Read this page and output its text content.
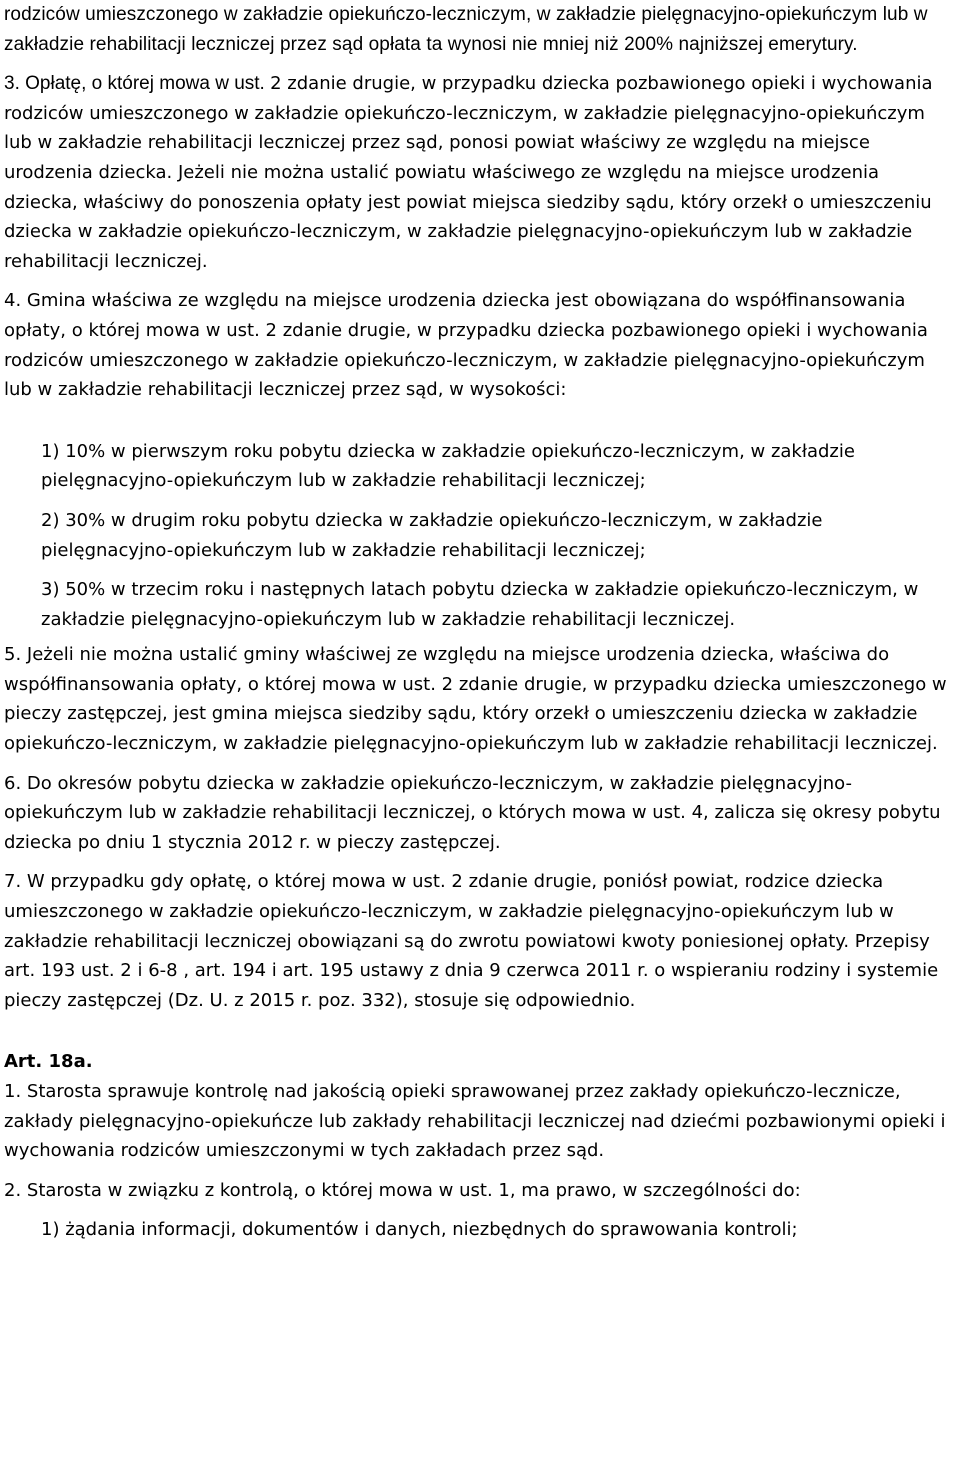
rodziców umieszczonego w zakładzie opiekuńczo-leczniczym, w zakładzie pielęgnacyjno-opiekuńczym lub w zakładzie rehabilitacji leczniczej przez sąd opłata ta wynosi nie mniej niż 200% najniższej emerytury.

3. Opłatę, o której mowa w ust. 2 zdanie drugie, w przypadku dziecka pozbawionego opieki i wychowania rodziców umieszczonego w zakładzie opiekuńczo-leczniczym, w zakładzie pielęgnacyjno-opiekuńczym lub w zakładzie rehabilitacji leczniczej przez sąd, ponosi powiat właściwy ze względu na miejsce urodzenia dziecka. Jeżeli nie można ustalić powiatu właściwego ze względu na miejsce urodzenia dziecka, właściwy do ponoszenia opłaty jest powiat miejsca siedziby sądu, który orzekł o umieszczeniu dziecka w zakładzie opiekuńczo-leczniczym, w zakładzie pielęgnacyjno-opiekuńczym lub w zakładzie rehabilitacji leczniczej.

4. Gmina właściwa ze względu na miejsce urodzenia dziecka jest obowiązana do współfinansowania opłaty, o której mowa w ust. 2 zdanie drugie, w przypadku dziecka pozbawionego opieki i wychowania rodziców umieszczonego w zakładzie opiekuńczo-leczniczym, w zakładzie pielęgnacyjno-opiekuńczym lub w zakładzie rehabilitacji leczniczej przez sąd, w wysokości:

1) 10% w pierwszym roku pobytu dziecka w zakładzie opiekuńczo-leczniczym, w zakładzie pielęgnacyjno-opiekuńczym lub w zakładzie rehabilitacji leczniczej;

2) 30% w drugim roku pobytu dziecka w zakładzie opiekuńczo-leczniczym, w zakładzie pielęgnacyjno-opiekuńczym lub w zakładzie rehabilitacji leczniczej;

3) 50% w trzecim roku i następnych latach pobytu dziecka w zakładzie opiekuńczo-leczniczym, w zakładzie pielęgnacyjno-opiekuńczym lub w zakładzie rehabilitacji leczniczej.

5. Jeżeli nie można ustalić gminy właściwej ze względu na miejsce urodzenia dziecka, właściwa do współfinansowania opłaty, o której mowa w ust. 2 zdanie drugie, w przypadku dziecka umieszczonego w pieczy zastępczej, jest gmina miejsca siedziby sądu, który orzekł o umieszczeniu dziecka w zakładzie opiekuńczo-leczniczym, w zakładzie pielęgnacyjno-opiekuńczym lub w zakładzie rehabilitacji leczniczej.

6. Do okresów pobytu dziecka w zakładzie opiekuńczo-leczniczym, w zakładzie pielęgnacyjno-opiekuńczym lub w zakładzie rehabilitacji leczniczej, o których mowa w ust. 4, zalicza się okresy pobytu dziecka po dniu 1 stycznia 2012 r. w pieczy zastępczej.

7. W przypadku gdy opłatę, o której mowa w ust. 2 zdanie drugie, poniósł powiat, rodzice dziecka umieszczonego w zakładzie opiekuńczo-leczniczym, w zakładzie pielęgnacyjno-opiekuńczym lub w zakładzie rehabilitacji leczniczej obowiązani są do zwrotu powiatowi kwoty poniesionej opłaty. Przepisy art. 193 ust. 2 i 6-8 , art. 194 i art. 195 ustawy z dnia 9 czerwca 2011 r. o wspieraniu rodziny i systemie pieczy zastępczej (Dz. U. z 2015 r. poz. 332), stosuje się odpowiednio.

Art. 18a.

1. Starosta sprawuje kontrolę nad jakością opieki sprawowanej przez zakłady opiekuńczo-lecznicze, zakłady pielęgnacyjno-opiekuńcze lub zakłady rehabilitacji leczniczej nad dziećmi pozbawionymi opieki i wychowania rodziców umieszczonymi w tych zakładach przez sąd.

2. Starosta w związku z kontrolą, o której mowa w ust. 1, ma prawo, w szczególności do:

1) żądania informacji, dokumentów i danych, niezbędnych do sprawowania kontroli;
